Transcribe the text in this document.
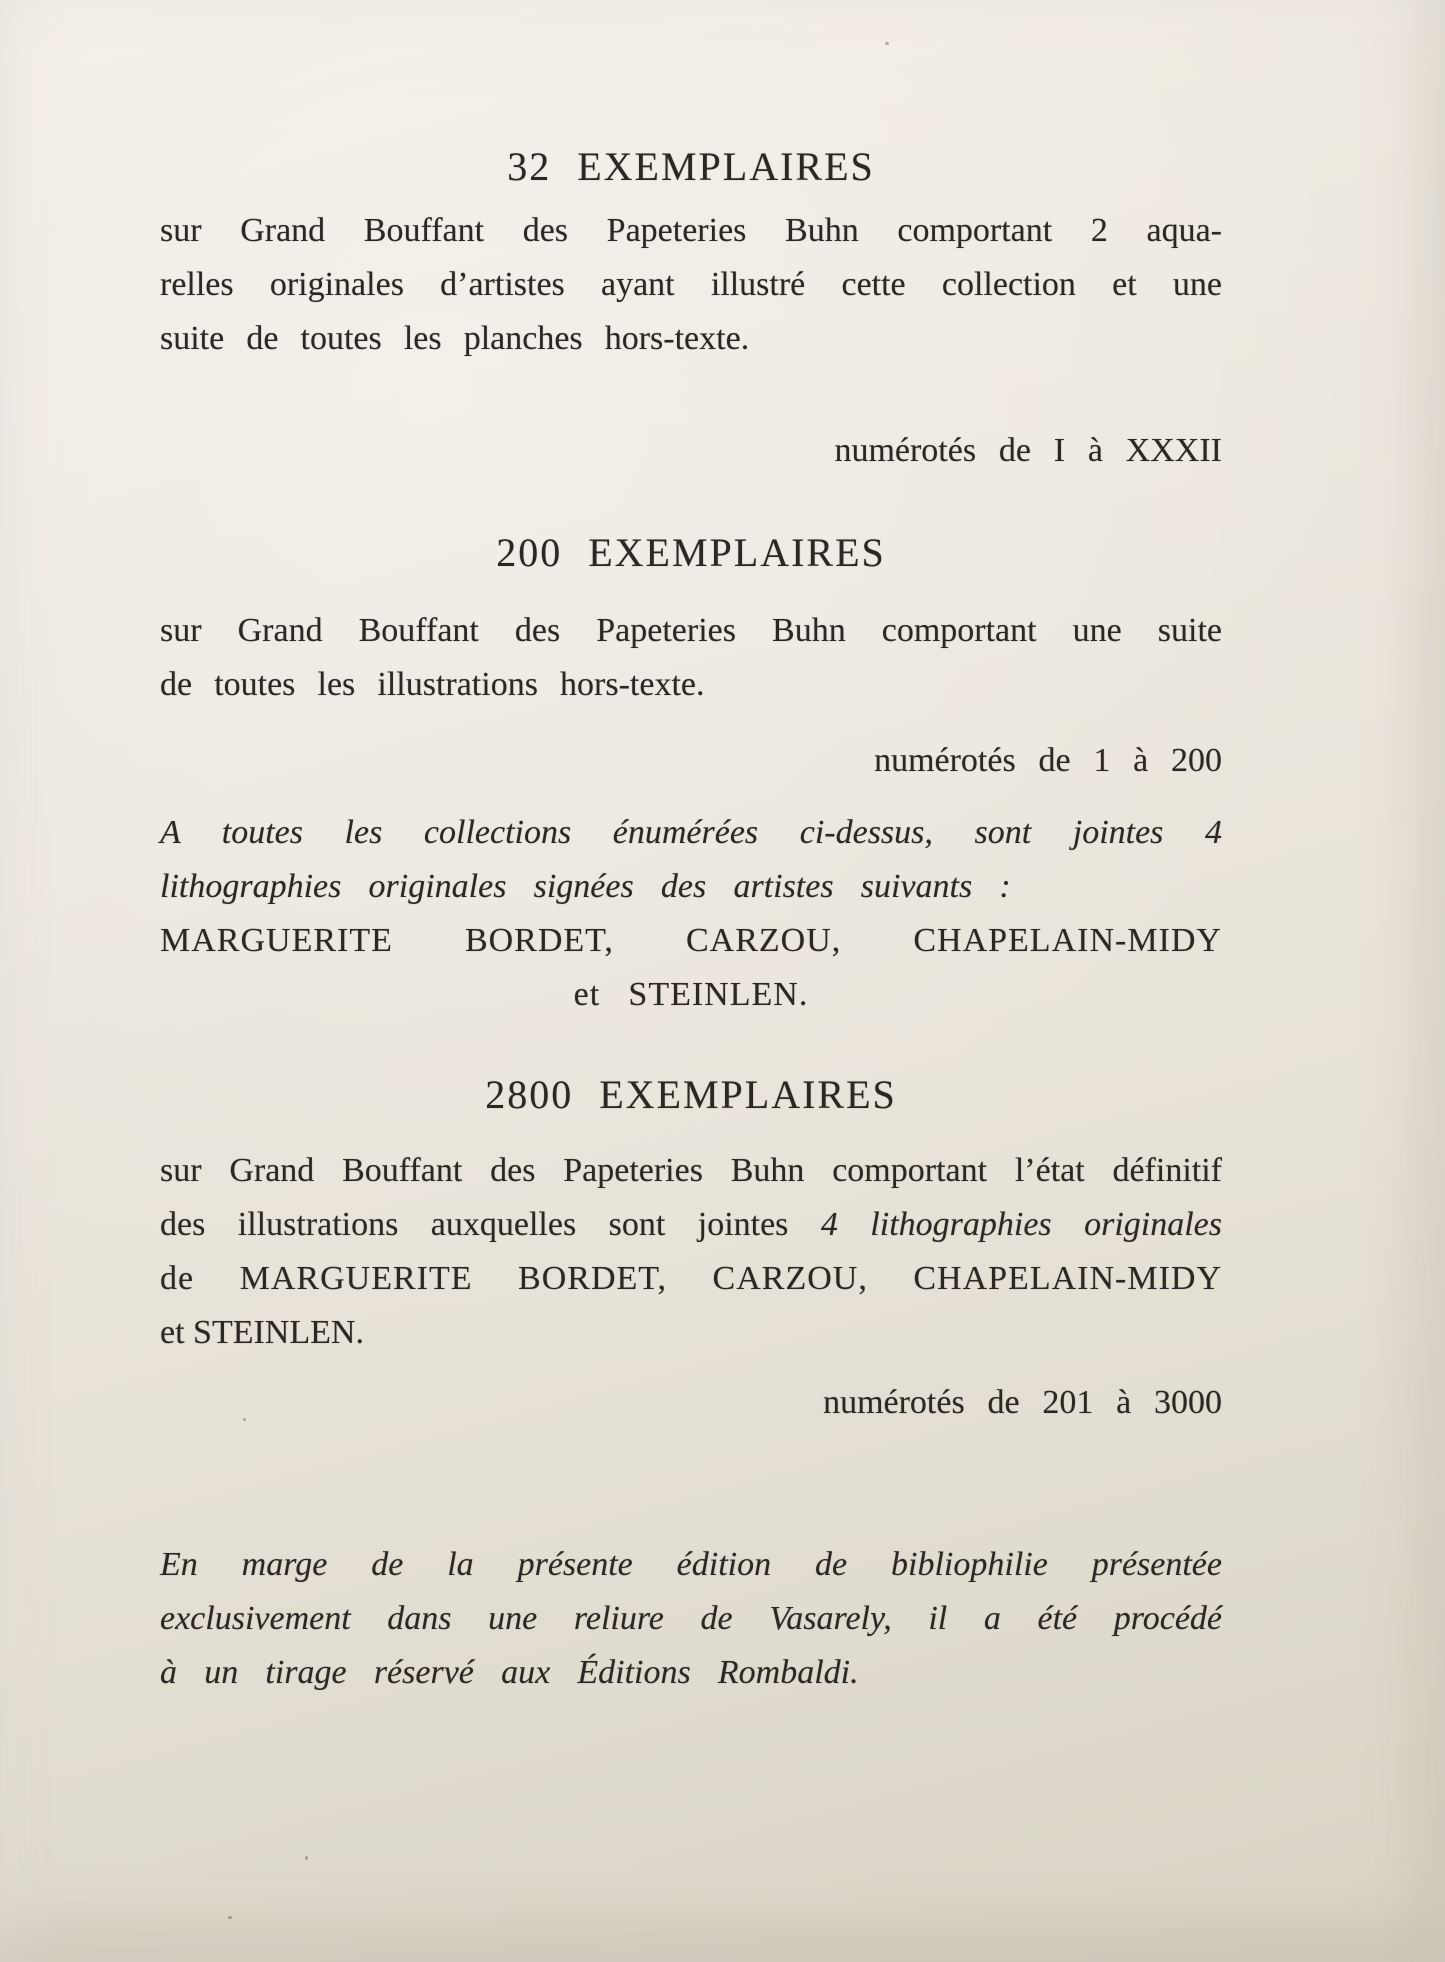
32 EXEMPLAIRES
sur Grand Bouffant des Papeteries Buhn comportant 2 aqua-
relles originales d’artistes ayant illustré cette collection et une
suite de toutes les planches hors-texte.
numérotés de I à XXXII
200 EXEMPLAIRES
sur Grand Bouffant des Papeteries Buhn comportant une suite
de toutes les illustrations hors-texte.
numérotés de 1 à 200
A toutes les collections énumérées ci-dessus, sont jointes 4
lithographies originales signées des artistes suivants :
MARGUERITE BORDET, CARZOU, CHAPELAIN-MIDY
et STEINLEN.
2800 EXEMPLAIRES
sur Grand Bouffant des Papeteries Buhn comportant l’état définitif
des illustrations auxquelles sont jointes 4 lithographies originales
de MARGUERITE BORDET, CARZOU, CHAPELAIN-MIDY
et STEINLEN.
numérotés de 201 à 3000
En marge de la présente édition de bibliophilie présentée
exclusivement dans une reliure de Vasarely, il a été procédé
à un tirage réservé aux Éditions Rombaldi.
